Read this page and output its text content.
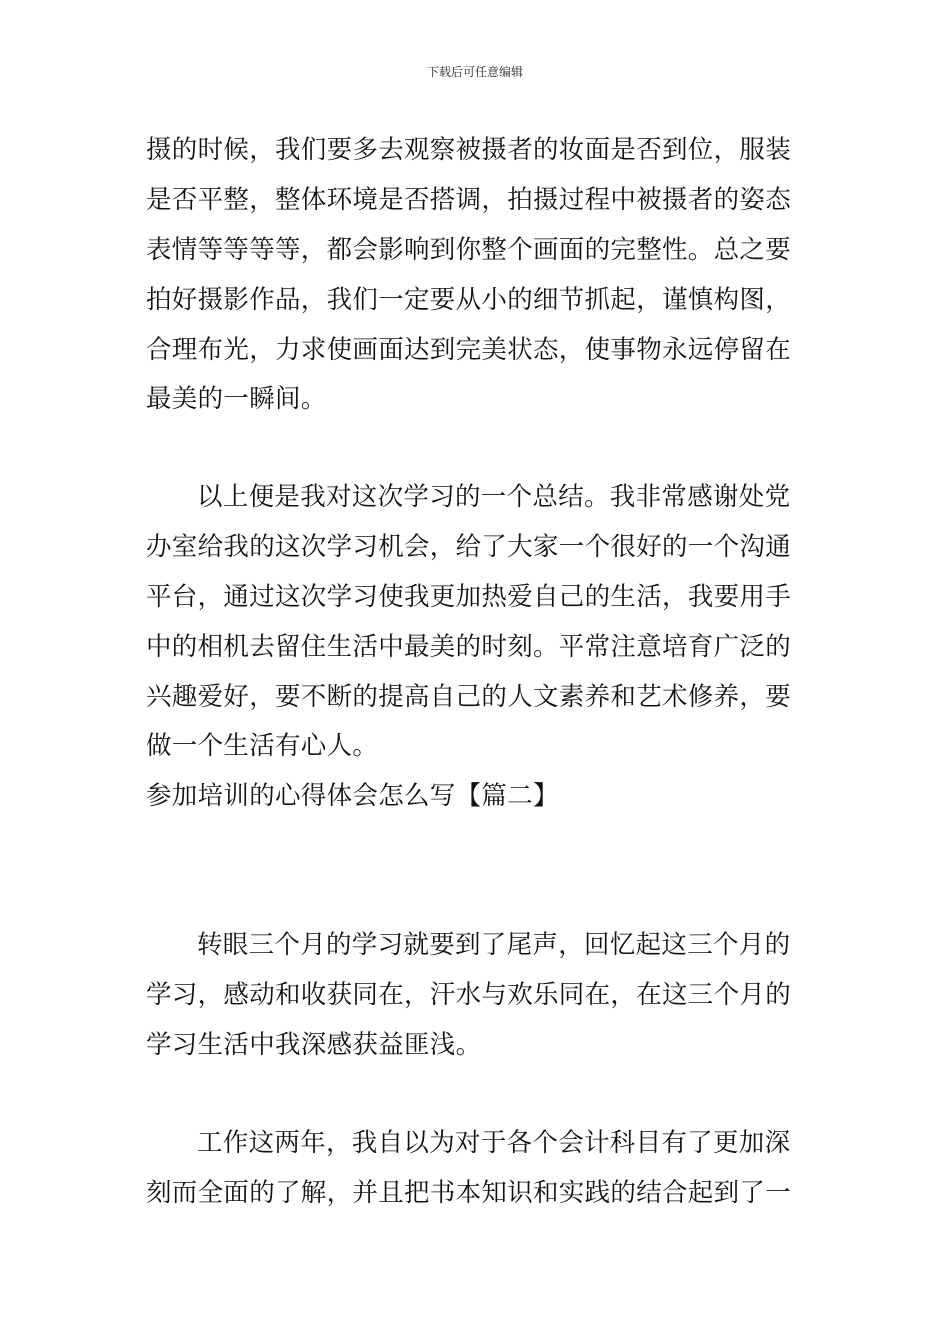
下载后可任意编辑
摄的时候，我们要多去观察被摄者的妆面是否到位，服装
是否平整，整体环境是否搭调，拍摄过程中被摄者的姿态
表情等等等等，都会影响到你整个画面的完整性。总之要
拍好摄影作品，我们一定要从小的细节抓起，谨慎构图，
合理布光，力求使画面达到完美状态，使事物永远停留在
最美的一瞬间。
以上便是我对这次学习的一个总结。我非常感谢处党
办室给我的这次学习机会，给了大家一个很好的一个沟通
平台，通过这次学习使我更加热爱自己的生活，我要用手
中的相机去留住生活中最美的时刻。平常注意培育广泛的
兴趣爱好，要不断的提高自己的人文素养和艺术修养，要
做一个生活有心人。
参加培训的心得体会怎么写【篇二】
转眼三个月的学习就要到了尾声，回忆起这三个月的
学习，感动和收获同在，汗水与欢乐同在，在这三个月的
学习生活中我深感获益匪浅。
工作这两年，我自以为对于各个会计科目有了更加深
刻而全面的了解，并且把书本知识和实践的结合起到了一
